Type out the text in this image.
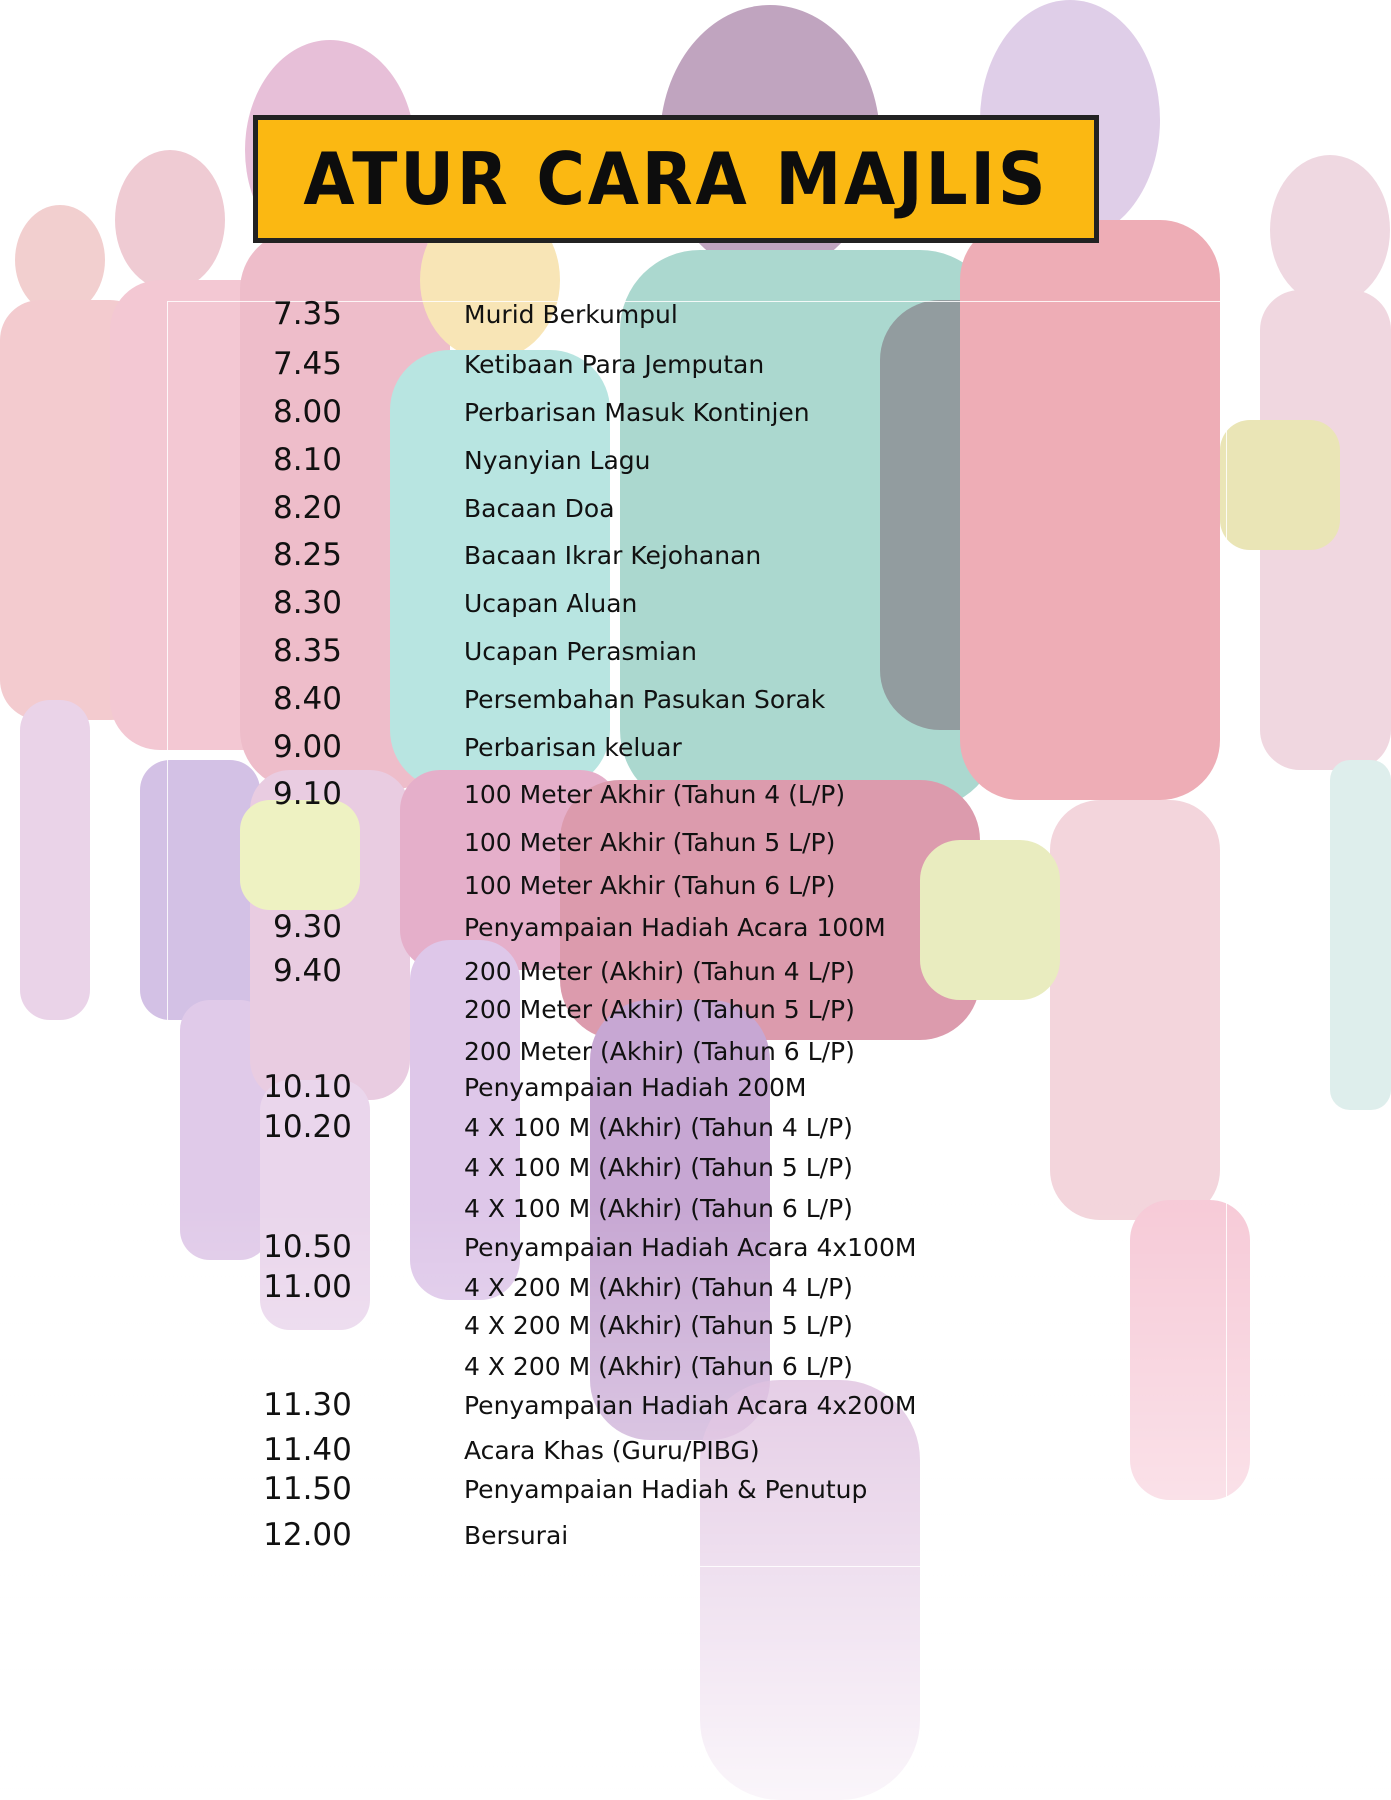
ATUR CARA MAJLIS
7.35	Murid Berkumpul
7.45	Ketibaan Para Jemputan
8.00	Perbarisan Masuk Kontinjen
8.10	Nyanyian Lagu
8.20	Bacaan Doa
8.25	Bacaan Ikrar Kejohanan
8.30	Ucapan Aluan
8.35	Ucapan Perasmian
8.40	Persembahan Pasukan Sorak
9.00	Perbarisan keluar
9.10	100 Meter Akhir (Tahun 4 (L/P)
100 Meter Akhir (Tahun 5 L/P)
100 Meter Akhir (Tahun 6 L/P)
9.30	Penyampaian Hadiah Acara 100M
9.40	200 Meter (Akhir) (Tahun 4 L/P)
200 Meter (Akhir) (Tahun 5 L/P)
200 Meter (Akhir) (Tahun 6 L/P)
10.10	Penyampaian Hadiah 200M
10.20	4 X 100 M (Akhir) (Tahun 4 L/P)
4 X 100 M (Akhir) (Tahun 5 L/P)
4 X 100 M (Akhir) (Tahun 6 L/P)
10.50	Penyampaian Hadiah Acara 4x100M
11.00	4 X 200 M (Akhir) (Tahun 4 L/P)
4 X 200 M (Akhir) (Tahun 5 L/P)
4 X 200 M (Akhir) (Tahun 6 L/P)
11.30	Penyampaian Hadiah Acara 4x200M
11.40	Acara Khas (Guru/PIBG)
11.50	Penyampaian Hadiah & Penutup
12.00	Bersurai
